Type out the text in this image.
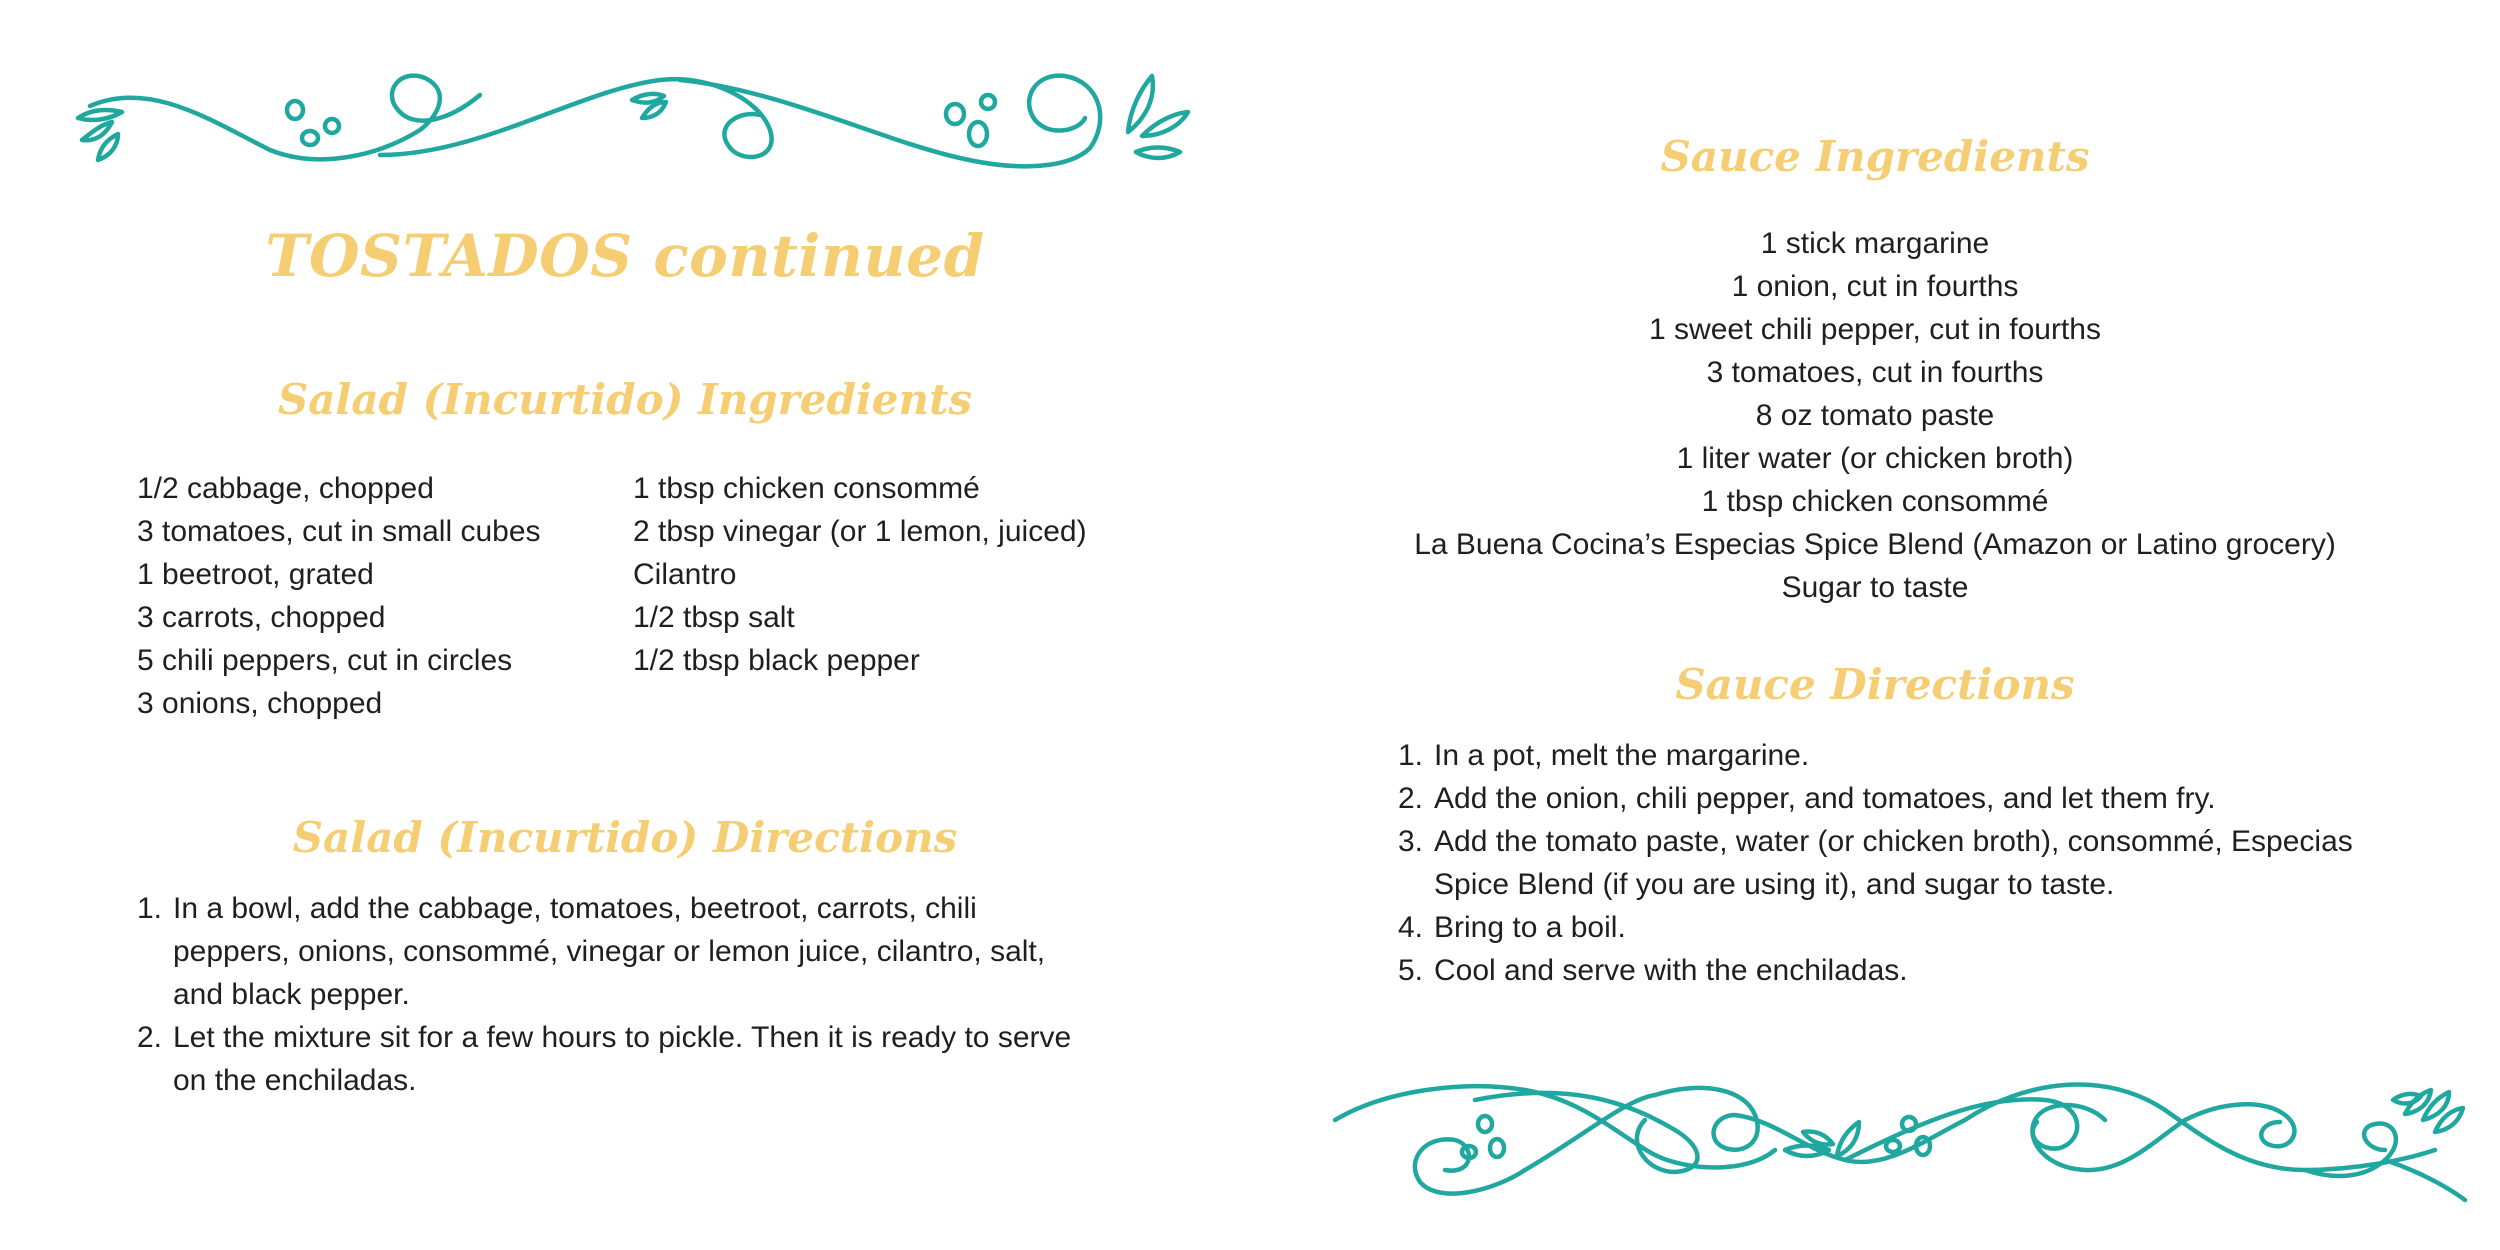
TOSTADOS continued
Salad (Incurtido) Ingredients
1/2 cabbage, chopped
3 tomatoes, cut in small cubes
1 beetroot, grated
3 carrots, chopped
5 chili peppers, cut in circles
3 onions, chopped
1 tbsp chicken consommé
2 tbsp vinegar (or 1 lemon, juiced)
Cilantro
1/2 tbsp salt
1/2 tbsp black pepper
Salad (Incurtido) Directions
1. In a bowl, add the cabbage, tomatoes, beetroot, carrots, chili
peppers, onions, consommé, vinegar or lemon juice, cilantro, salt,
and black pepper.
2. Let the mixture sit for a few hours to pickle. Then it is ready to serve
on the enchiladas.
Sauce Ingredients
1 stick margarine
1 onion, cut in fourths
1 sweet chili pepper, cut in fourths
3 tomatoes, cut in fourths
8 oz tomato paste
1 liter water (or chicken broth)
1 tbsp chicken consommé
La Buena Cocina’s Especias Spice Blend (Amazon or Latino grocery)
Sugar to taste
Sauce Directions
1. In a pot, melt the margarine.
2. Add the onion, chili pepper, and tomatoes, and let them fry.
3. Add the tomato paste, water (or chicken broth), consommé, Especias
Spice Blend (if you are using it), and sugar to taste.
4. Bring to a boil.
5. Cool and serve with the enchiladas.
